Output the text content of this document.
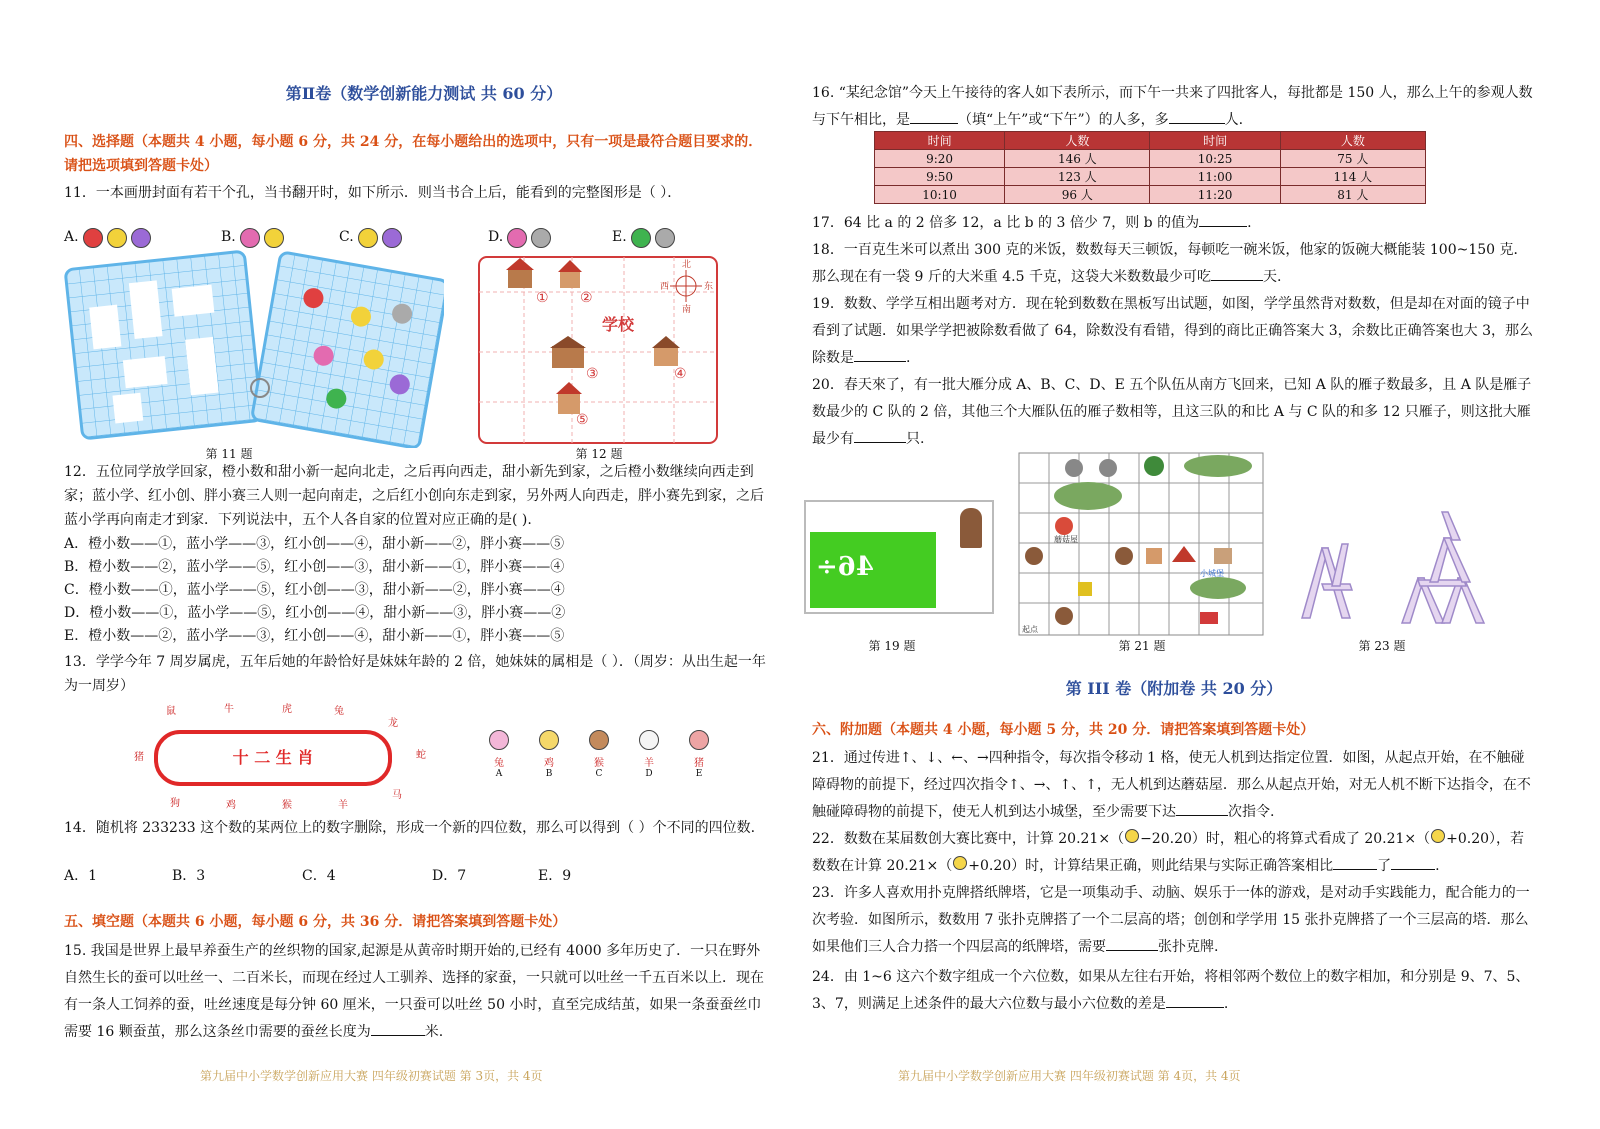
第Ⅱ卷（数学创新能力测试 共 60 分）

四、选择题（本题共 4 小题，每小题 6 分，共 24 分，在每小题给出的选项中，只有一项是最符合题目要求的．请把选项填到答题卡处）

11．一本画册封面有若干个孔，当书翻开时，如下所示．则当书合上后，能看到的完整图形是（ ）．

A.	B.	C.	D.	E.
① ②
③	④
⑤
学校
北
西	东
南
第 11 题	第 12 题

12．五位同学放学回家，橙小数和甜小新一起向北走，之后再向西走，甜小新先到家，之后橙小数继续向西走到家；蓝小学、红小创、胖小赛三人则一起向南走，之后红小创向东走到家，另外两人向西走，胖小赛先到家，之后蓝小学再向南走才到家．下列说法中，五个人各自家的位置对应正确的是( ).

A．橙小数——①，蓝小学——③，红小创——④，甜小新——②，胖小赛——⑤

B．橙小数——②，蓝小学——⑤，红小创——③，甜小新——①，胖小赛——④

C．橙小数——①，蓝小学——⑤，红小创——③，甜小新——②，胖小赛——④

D．橙小数——①，蓝小学——⑤，红小创——④，甜小新——③，胖小赛——②

E．橙小数——②，蓝小学——③，红小创——④，甜小新——①，胖小赛——⑤

13．学学今年 7 周岁属虎，五年后她的年龄恰好是妹妹年龄的 2 倍，她妹妹的属相是（ ）．（周岁：从出生起一年为一周岁）

十 二 生 肖
鼠	牛	虎	兔
龙
蛇
马
羊
猴
鸡
狗
猪
兔
A
鸡
B
猴
C
羊
D
猪
E

14．随机将 233233 这个数的某两位上的数字删除，形成一个新的四位数，那么可以得到（ ）个不同的四位数.

A．1	B．3	C．4	D．7	E．9

五、填空题（本题共 6 小题，每小题 6 分，共 36 分．请把答案填到答题卡处）

15. 我国是世界上最早养蚕生产的丝织物的国家,起源是从黄帝时期开始的,已经有 4000 多年历史了．一只在野外自然生长的蚕可以吐丝一、二百米长，而现在经过人工驯养、选择的家蚕，一只就可以吐丝一千五百米以上．现在有一条人工饲养的蚕，吐丝速度是每分钟 60 厘米，一只蚕可以吐丝 50 小时，直至完成结茧，如果一条蚕蚕丝巾需要 16 颗蚕茧，那么这条丝巾需要的蚕丝长度为	米.

第九届中小学数学创新应用大赛 四年级初赛试题 第 3页，共 4页

16. “某纪念馆”今天上午接待的客人如下表所示，而下午一共来了四批客人，每批都是 150 人，那么上午的参观人数与下午相比，是	（填“上午”或“下午”）的人多，多	人.

时间	人数	时间	人数
9:20	146 人	10:25	75 人
9:50	123 人	11:00	114 人
10:10	96 人	11:20	81 人

17．64 比 a 的 2 倍多 12，a 比 b 的 3 倍少 7，则 b 的值为	.

18．一百克生米可以煮出 300 克的米饭，数数每天三顿饭，每顿吃一碗米饭，他家的饭碗大概能装 100~150 克．那么现在有一袋 9 斤的大米重 4.5 千克，这袋大米数数最少可吃	天.

19．数数、学学互相出题考对方．现在轮到数数在黑板写出试题，如图，学学虽然背对数数，但是却在对面的镜子中看到了试题．如果学学把被除数看做了 64，除数没有看错，得到的商比正确答案大 3，余数比正确答案也大 3，那么除数是	.

20．春天來了，有一批大雁分成 A、B、C、D、E 五个队伍从南方飞回来，已知 A 队的雁子数最多，且 A 队是雁子数最少的 C 队的 2 倍，其他三个大雁队伍的雁子数相等，且这三队的和比 A 与 C 队的和多 12 只雁子，则这批大雁最少有	只.

46÷
第 19 题
蘑菇屋
小城堡
起点
第 21 题	第 23 题

第 III 卷（附加卷 共 20 分）

六、附加题（本题共 4 小题，每小题 5 分，共 20 分．请把答案填到答题卡处）

21．通过传进↑、↓、←、→四种指令，每次指令移动 1 格，使无人机到达指定位置．如图，从起点开始，在不触碰障碍物的前提下，经过四次指令↑、→、↑、↑，无人机到达蘑菇屋．那么从起点开始，对无人机不断下达指令，在不触碰障碍物的前提下，使无人机到达小城堡，至少需要下达	次指令.

22．数数在某届数创大赛比赛中，计算 20.21×（ −20.20）时，粗心的将算式看成了 20.21×（ +0.20），若数数在计算 20.21×（ +0.20）时，计算结果正确，则此结果与实际正确答案相比	了	.

23．许多人喜欢用扑克牌搭纸牌塔，它是一项集动手、动脑、娱乐于一体的游戏，是对动手实践能力，配合能力的一次考验．如图所示，数数用 7 张扑克牌搭了一个二层高的塔；创创和学学用 15 张扑克牌搭了一个三层高的塔．那么如果他们三人合力搭一个四层高的纸牌塔，需要	张扑克牌.

24．由 1~6 这六个数字组成一个六位数，如果从左往右开始，将相邻两个数位上的数字相加，和分别是 9、7、5、3、7，则满足上述条件的最大六位数与最小六位数的差是	.

第九届中小学数学创新应用大赛 四年级初赛试题 第 4页，共 4页
